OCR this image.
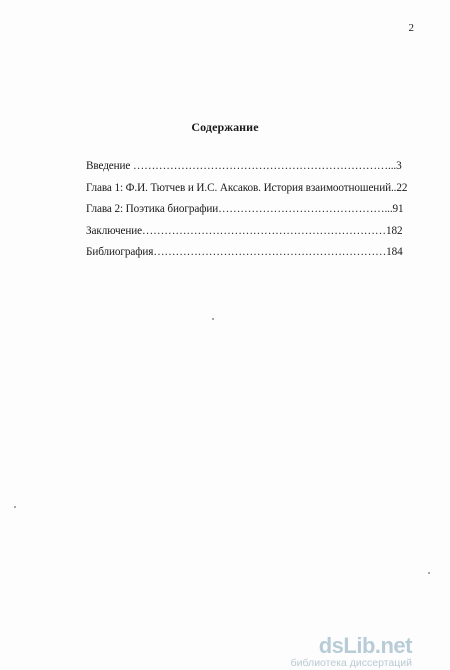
2
Содержание
Введение ……………………………………………………………...3
Глава 1: Ф.И. Тютчев и И.С. Аксаков. История взаимоотношений..22
Глава 2: Поэтика биографии………………………………………...91
Заключение…………………………………………………………182
Библиография………………………………………………………184
dsLib.net
библиотека диссертаций
